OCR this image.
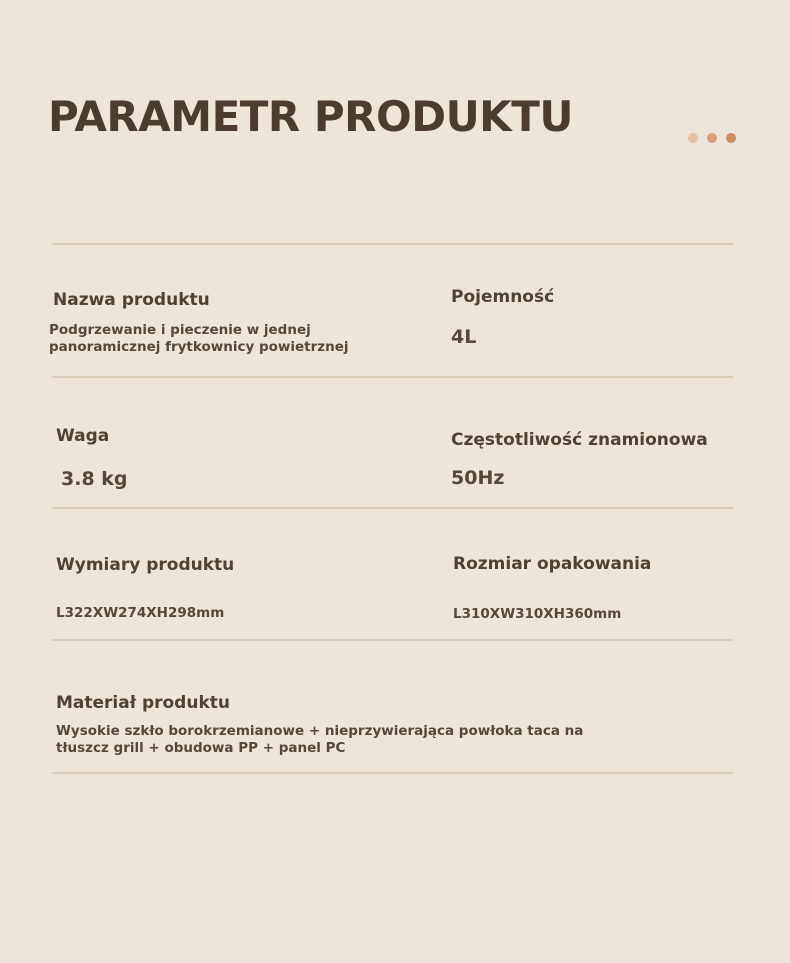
PARAMETR PRODUKTU

Nazwa produktu

Podgrzewanie i pieczenie w jednej panoramicznej frytkownicy powietrznej

Pojemność

4L

Waga

3.8 kg

Częstotliwość znamionowa

50Hz

Wymiary produktu

L322XW274XH298mm

Rozmiar opakowania

L310XW310XH360mm

Materiał produktu

Wysokie szkło borokrzemianowe + nieprzywierająca powłoka taca na tłuszcz grill + obudowa PP + panel PC
